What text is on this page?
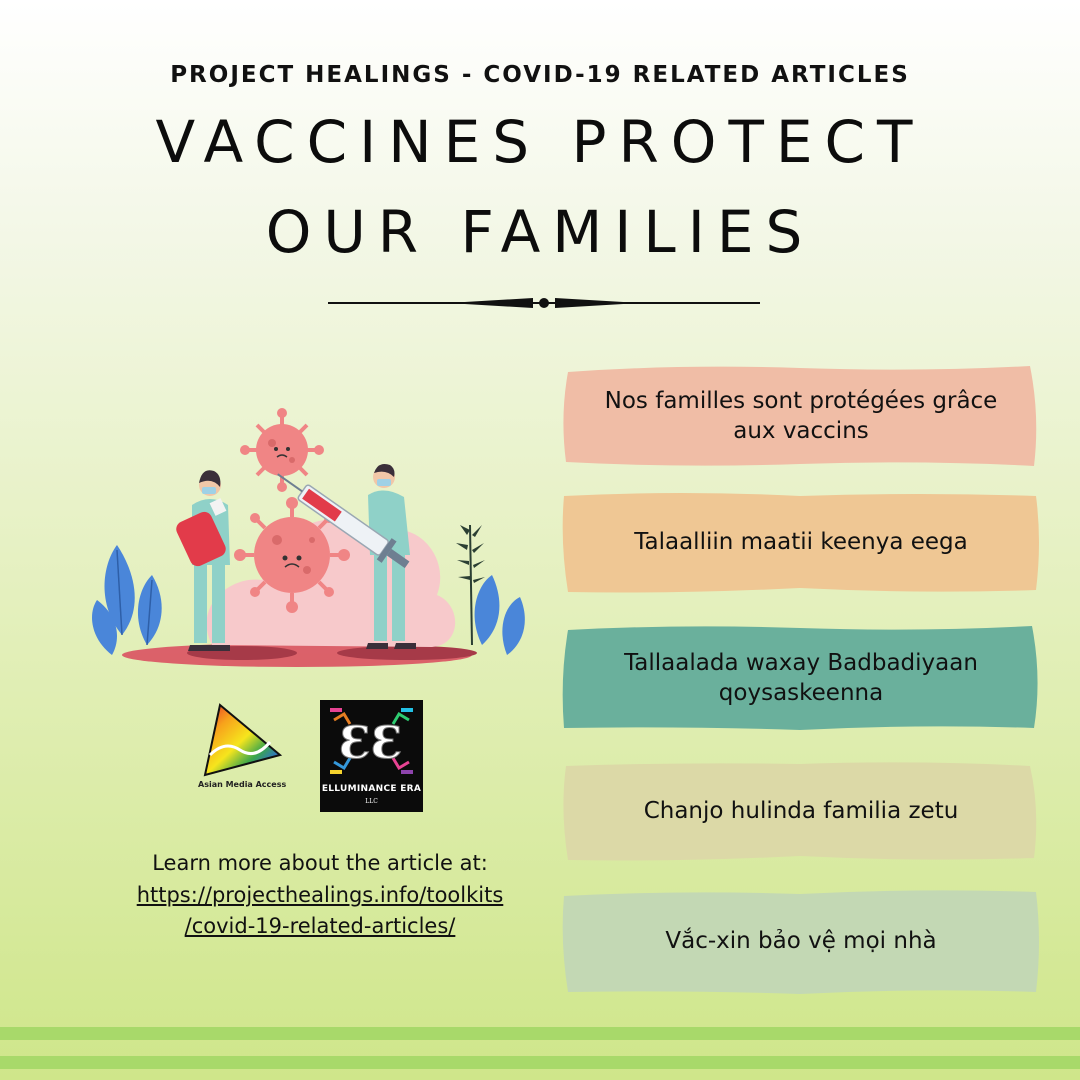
PROJECT HEALINGS - COVID-19 RELATED ARTICLES
VACCINES PROTECT
OUR FAMILIES
Asian Media Access
ƐƐ
ELLUMINANCE ERA
LLC
Learn more about the article at:
https://projecthealings.info/toolkits
/covid-19-related-articles/
Nos familles sont protégées grâce aux vaccins
Talaalliin maatii keenya eega
Tallaalada waxay Badbadiyaan qoysaskeenna
Chanjo hulinda familia zetu
Vắc-xin bảo vệ mọi nhà
